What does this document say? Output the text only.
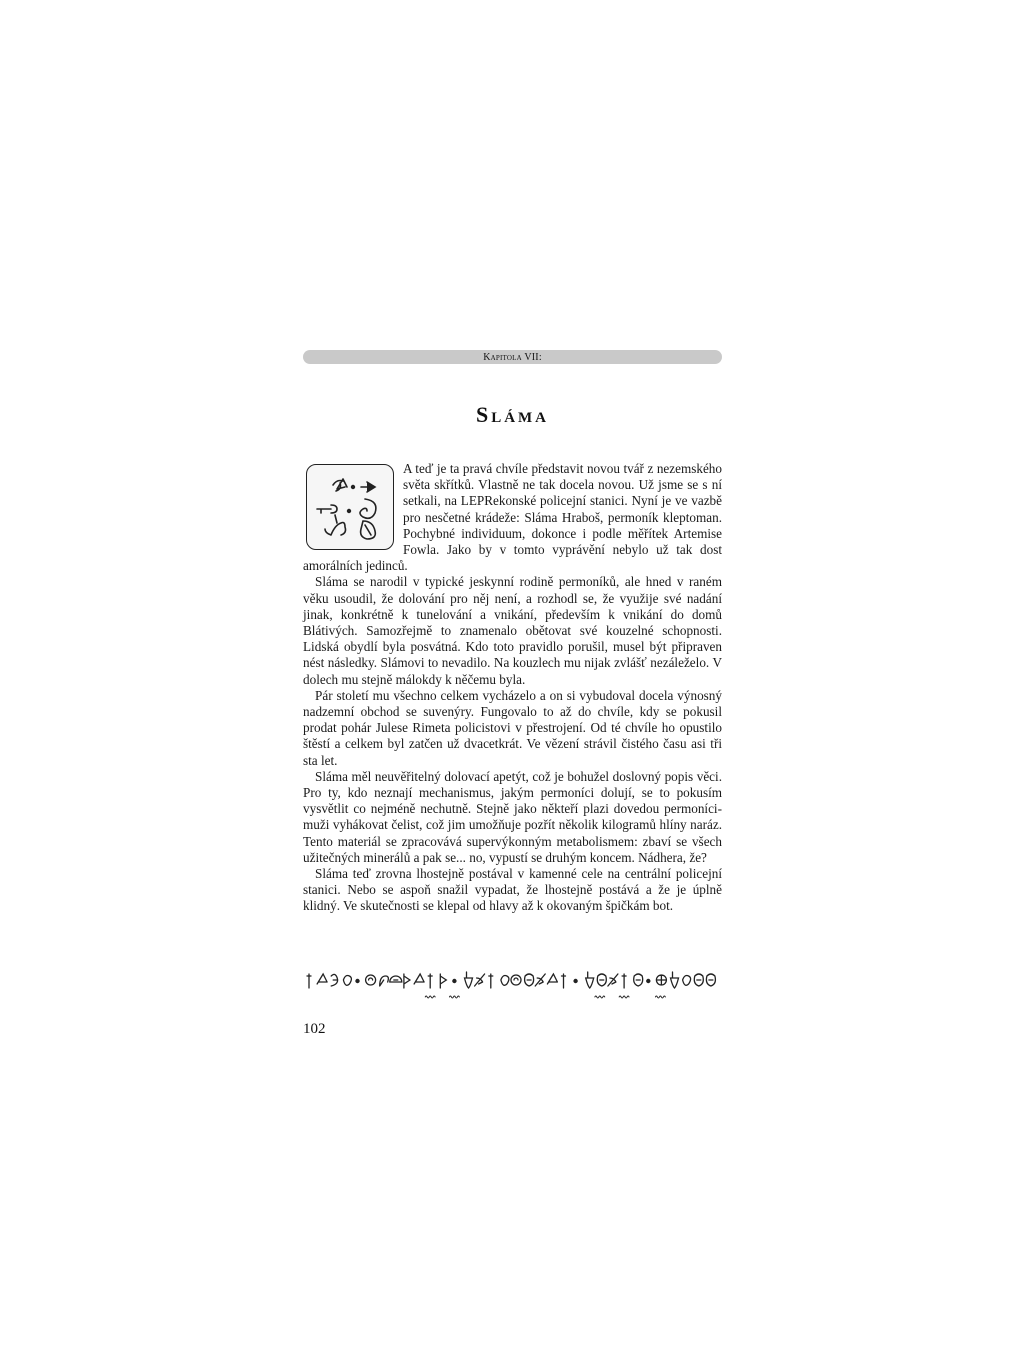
Kapitola VII:
Sláma

A teď je ta pravá chvíle představit novou tvář z nezemského světa skřítků. Vlastně ne tak docela novou. Už jsme se s ní setkali, na LEPRekonské policejní stanici. Nyní je ve vazbě pro nesčetné krádeže: Sláma Hraboš, permoník kleptoman. Pochybné individuum, dokonce i podle měřítek Artemise Fowla. Jako by v tomto vyprávění nebylo už tak dost amorálních jedinců.

Sláma se narodil v typické jeskynní rodině permoníků, ale hned v raném věku usoudil, že dolování pro něj není, a rozhodl se, že využije své nadání jinak, konkrétně k tunelování a vnikání, především k vnikání do domů Blátivých. Samozřejmě to znamenalo obětovat své kouzelné schopnosti. Lidská obydlí byla posvátná. Kdo toto pravidlo porušil, musel být připraven nést následky. Slámovi to nevadilo. Na kouzlech mu nijak zvlášť nezáleželo. V dolech mu stejně málokdy k něčemu byla.

Pár století mu všechno celkem vycházelo a on si vybudoval docela výnosný nadzemní obchod se suvenýry. Fungovalo to až do chvíle, kdy se pokusil prodat pohár Julese Rimeta policistovi v přestrojení. Od té chvíle ho opustilo štěstí a celkem byl zatčen už dvacetkrát. Ve vězení strávil čistého času asi tři sta let.

Sláma měl neuvěřitelný dolovací apetýt, což je bohužel doslovný popis věci. Pro ty, kdo neznají mechanismus, jakým permoníci dolují, se to pokusím vysvětlit co nejméně nechutně. Stejně jako někteří plazi dovedou permoníci-muži vyhákovat čelist, což jim umožňuje pozřít několik kilogramů hlíny naráz. Tento materiál se zpracovává supervýkonným metabolismem: zbaví se všech užitečných minerálů a pak se... no, vypustí se druhým koncem. Nádhera, že?

Sláma teď zrovna lhostejně postával v kamenné cele na centrální policejní stanici. Nebo se aspoň snažil vypadat, že lhostejně postává a že je úplně klidný. Ve skutečnosti se klepal od hlavy až k okovaným špičkám bot.

102
